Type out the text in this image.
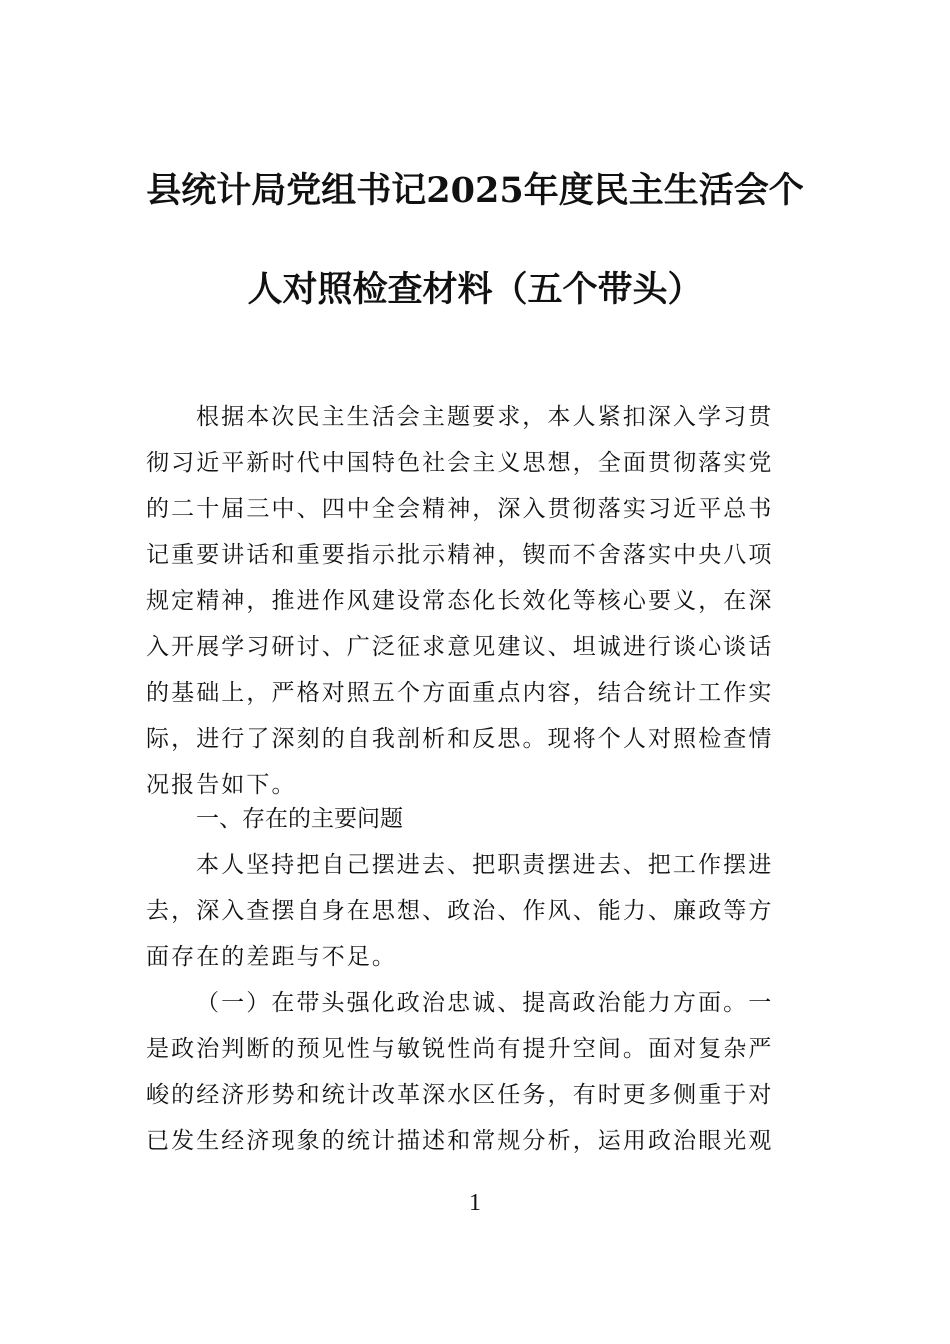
县统计局党组书记2025年度民主生活会个
人对照检查材料（五个带头）
根据本次民主生活会主题要求，本人紧扣深入学习贯
彻习近平新时代中国特色社会主义思想，全面贯彻落实党
的二十届三中、四中全会精神，深入贯彻落实习近平总书
记重要讲话和重要指示批示精神，锲而不舍落实中央八项
规定精神，推进作风建设常态化长效化等核心要义，在深
入开展学习研讨、广泛征求意见建议、坦诚进行谈心谈话
的基础上，严格对照五个方面重点内容，结合统计工作实
际，进行了深刻的自我剖析和反思。现将个人对照检查情
况报告如下。
一、存在的主要问题
本人坚持把自己摆进去、把职责摆进去、把工作摆进
去，深入查摆自身在思想、政治、作风、能力、廉政等方
面存在的差距与不足。
（一）在带头强化政治忠诚、提高政治能力方面。一
是政治判断的预见性与敏锐性尚有提升空间。面对复杂严
峻的经济形势和统计改革深水区任务，有时更多侧重于对
已发生经济现象的统计描述和常规分析，运用政治眼光观
1
